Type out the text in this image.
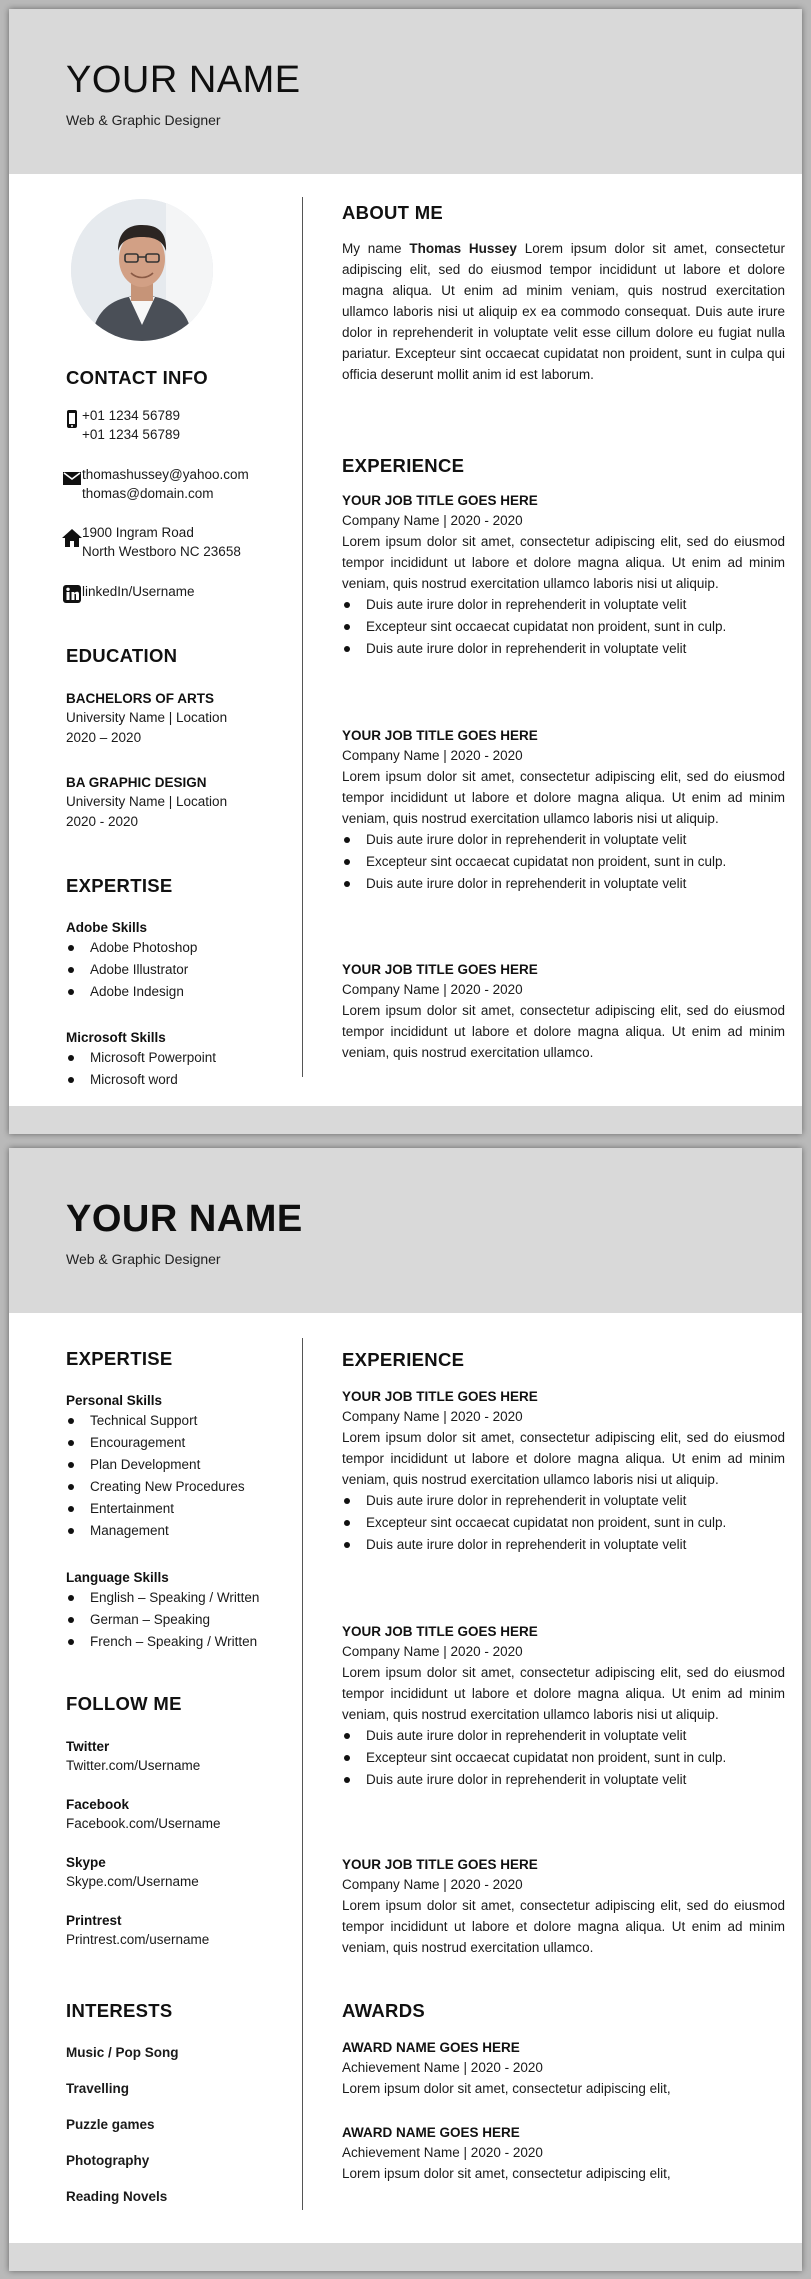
YOUR NAME
Web & Graphic Designer
CONTACT INFO
+01 1234 56789
+01 1234 56789
thomashussey@yahoo.com
thomas@domain.com
1900 Ingram Road
North Westboro NC 23658
linkedIn/Username
EDUCATION
BACHELORS OF ARTS
University Name | Location
2020 – 2020
BA GRAPHIC DESIGN
University Name | Location
2020 - 2020
EXPERTISE
Adobe Skills
Adobe Photoshop
Adobe Illustrator
Adobe Indesign
Microsoft Skills
Microsoft Powerpoint
Microsoft word
ABOUT ME
My name Thomas Hussey Lorem ipsum dolor sit amet, consectetur adipiscing elit, sed do eiusmod tempor incididunt ut labore et dolore magna aliqua. Ut enim ad minim veniam, quis nostrud exercitation ullamco laboris nisi ut aliquip ex ea commodo consequat. Duis aute irure dolor in reprehenderit in voluptate velit esse cillum dolore eu fugiat nulla pariatur. Excepteur sint occaecat cupidatat non proident, sunt in culpa qui officia deserunt mollit anim id est laborum.
EXPERIENCE
YOUR JOB TITLE GOES HERE
Company Name | 2020 - 2020
Lorem ipsum dolor sit amet, consectetur adipiscing elit, sed do eiusmod tempor incididunt ut labore et dolore magna aliqua. Ut enim ad minim veniam, quis nostrud exercitation ullamco laboris nisi ut aliquip.
Duis aute irure dolor in reprehenderit in voluptate velit
Excepteur sint occaecat cupidatat non proident, sunt in culp.
Duis aute irure dolor in reprehenderit in voluptate velit
YOUR JOB TITLE GOES HERE
Company Name | 2020 - 2020
Lorem ipsum dolor sit amet, consectetur adipiscing elit, sed do eiusmod tempor incididunt ut labore et dolore magna aliqua. Ut enim ad minim veniam, quis nostrud exercitation ullamco laboris nisi ut aliquip.
Duis aute irure dolor in reprehenderit in voluptate velit
Excepteur sint occaecat cupidatat non proident, sunt in culp.
Duis aute irure dolor in reprehenderit in voluptate velit
YOUR JOB TITLE GOES HERE
Company Name | 2020 - 2020
Lorem ipsum dolor sit amet, consectetur adipiscing elit, sed do eiusmod tempor incididunt ut labore et dolore magna aliqua. Ut enim ad minim veniam, quis nostrud exercitation ullamco.
YOUR NAME
Web & Graphic Designer
EXPERTISE
Personal Skills
Technical Support
Encouragement
Plan Development
Creating New Procedures
Entertainment
Management
Language Skills
English – Speaking / Written
German – Speaking
French – Speaking / Written
FOLLOW ME
Twitter
Twitter.com/Username
Facebook
Facebook.com/Username
Skype
Skype.com/Username
Printrest
Printrest.com/username
INTERESTS
Music / Pop Song
Travelling
Puzzle games
Photography
Reading Novels
EXPERIENCE
YOUR JOB TITLE GOES HERE
Company Name | 2020 - 2020
Lorem ipsum dolor sit amet, consectetur adipiscing elit, sed do eiusmod tempor incididunt ut labore et dolore magna aliqua. Ut enim ad minim veniam, quis nostrud exercitation ullamco laboris nisi ut aliquip.
Duis aute irure dolor in reprehenderit in voluptate velit
Excepteur sint occaecat cupidatat non proident, sunt in culp.
Duis aute irure dolor in reprehenderit in voluptate velit
YOUR JOB TITLE GOES HERE
Company Name | 2020 - 2020
Lorem ipsum dolor sit amet, consectetur adipiscing elit, sed do eiusmod tempor incididunt ut labore et dolore magna aliqua. Ut enim ad minim veniam, quis nostrud exercitation ullamco laboris nisi ut aliquip.
Duis aute irure dolor in reprehenderit in voluptate velit
Excepteur sint occaecat cupidatat non proident, sunt in culp.
Duis aute irure dolor in reprehenderit in voluptate velit
YOUR JOB TITLE GOES HERE
Company Name | 2020 - 2020
Lorem ipsum dolor sit amet, consectetur adipiscing elit, sed do eiusmod tempor incididunt ut labore et dolore magna aliqua. Ut enim ad minim veniam, quis nostrud exercitation ullamco.
AWARDS
AWARD NAME GOES HERE
Achievement Name | 2020 - 2020
Lorem ipsum dolor sit amet, consectetur adipiscing elit,
AWARD NAME GOES HERE
Achievement Name | 2020 - 2020
Lorem ipsum dolor sit amet, consectetur adipiscing elit,
